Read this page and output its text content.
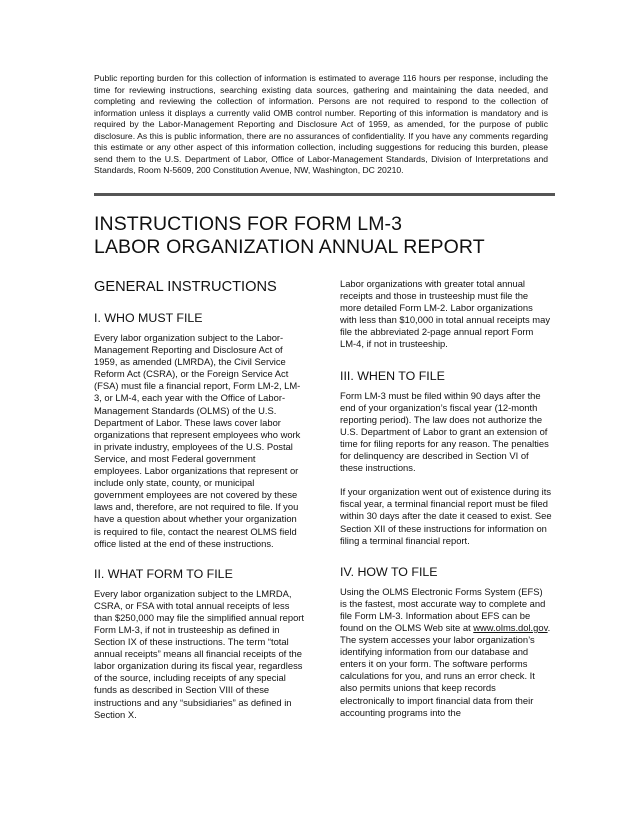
Public reporting burden for this collection of information is estimated to average 116 hours per response, including the time for reviewing instructions, searching existing data sources, gathering and maintaining the data needed, and completing and reviewing the collection of information. Persons are not required to respond to the collection of information unless it displays a currently valid OMB control number. Reporting of this information is mandatory and is required by the Labor-Management Reporting and Disclosure Act of 1959, as amended, for the purpose of public disclosure. As this is public information, there are no assurances of confidentiality. If you have any comments regarding this estimate or any other aspect of this information collection, including suggestions for reducing this burden, please send them to the U.S. Department of Labor, Office of Labor-Management Standards, Division of Interpretations and Standards, Room N-5609, 200 Constitution Avenue, NW, Washington, DC 20210.
INSTRUCTIONS FOR FORM LM-3
LABOR ORGANIZATION ANNUAL REPORT
GENERAL INSTRUCTIONS
I. WHO MUST FILE

Every labor organization subject to the Labor-Management Reporting and Disclosure Act of 1959, as amended (LMRDA), the Civil Service Reform Act (CSRA), or the Foreign Service Act (FSA) must file a financial report, Form LM-2, LM-3, or LM-4, each year with the Office of Labor-Management Standards (OLMS) of the U.S. Department of Labor. These laws cover labor organizations that represent employees who work in private industry, employees of the U.S. Postal Service, and most Federal government employees. Labor organizations that represent or include only state, county, or municipal government employees are not covered by these laws and, therefore, are not required to file. If you have a question about whether your organization is required to file, contact the nearest OLMS field office listed at the end of these instructions.

II. WHAT FORM TO FILE

Every labor organization subject to the LMRDA, CSRA, or FSA with total annual receipts of less than $250,000 may file the simplified annual report Form LM-3, if not in trusteeship as defined in Section IX of these instructions. The term “total annual receipts” means all financial receipts of the labor organization during its fiscal year, regardless of the source, including receipts of any special funds as described in Section VIII of these instructions and any “subsidiaries” as defined in Section X.

Labor organizations with greater total annual receipts and those in trusteeship must file the more detailed Form LM-2. Labor organizations with less than $10,000 in total annual receipts may file the abbreviated 2-page annual report Form LM-4, if not in trusteeship.

III. WHEN TO FILE

Form LM-3 must be filed within 90 days after the end of your organization’s fiscal year (12-month reporting period). The law does not authorize the U.S. Department of Labor to grant an extension of time for filing reports for any reason. The penalties for delinquency are described in Section VI of these instructions.

If your organization went out of existence during its fiscal year, a terminal financial report must be filed within 30 days after the date it ceased to exist. See Section XII of these instructions for information on filing a terminal financial report.

IV. HOW TO FILE

Using the OLMS Electronic Forms System (EFS) is the fastest, most accurate way to complete and file Form LM-3. Information about EFS can be found on the OLMS Web site at www.olms.dol.gov. The system accesses your labor organization’s identifying information from our database and enters it on your form. The software performs calculations for you, and runs an error check. It also permits unions that keep records electronically to import financial data from their accounting programs into the
